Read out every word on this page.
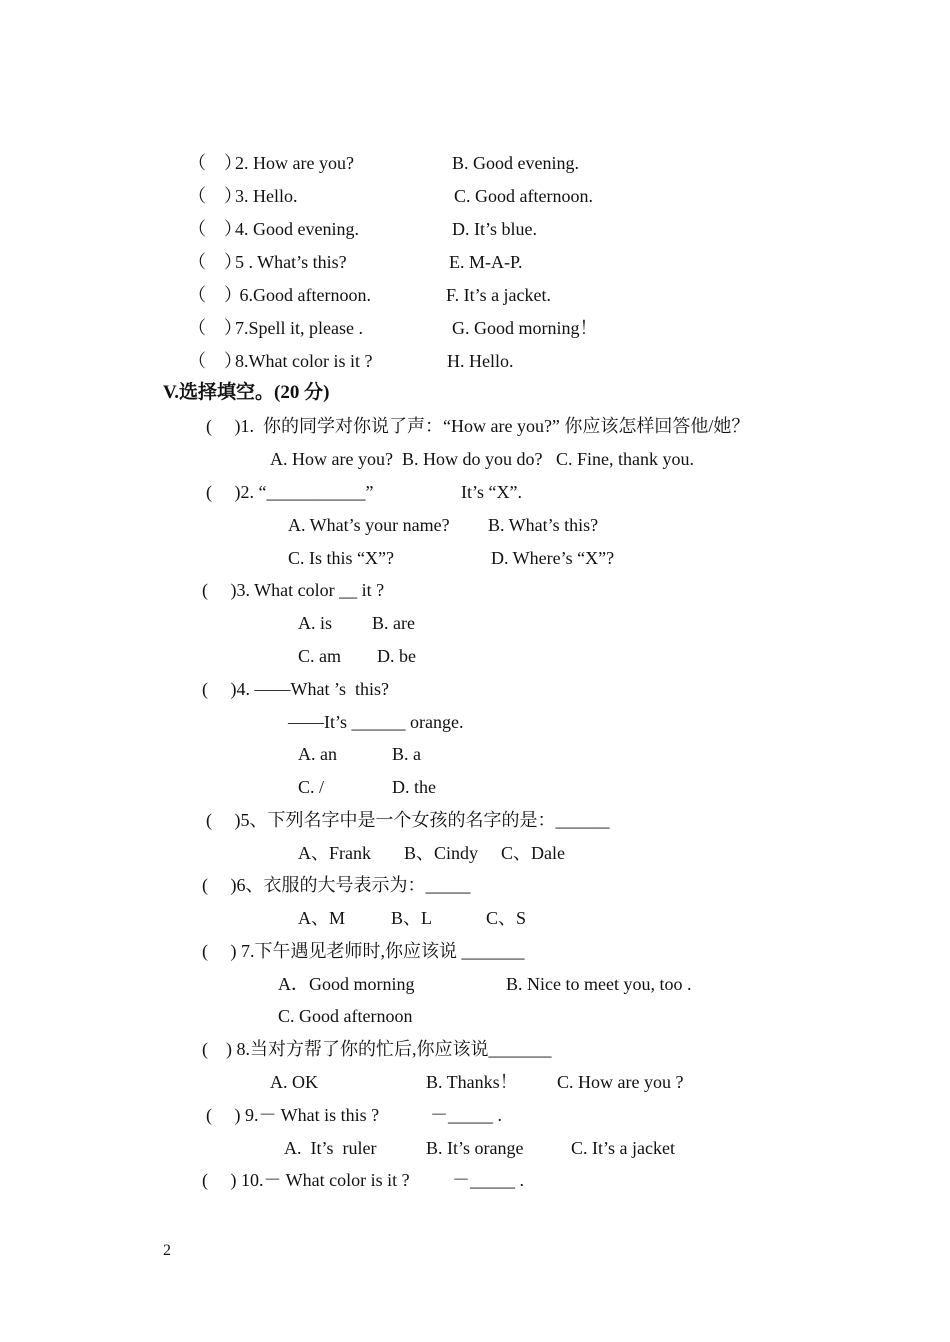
（　）
2. How are you?	B. Good evening.
（　）
3. Hello.	C. Good afternoon.
（　）
4. Good evening.	D. It’s blue.
（　）
5 . What’s this?	E. M-A-P.
（　）
6.Good afternoon.	F. It’s a jacket.
（　）
7.Spell it, please .	G. Good morning！
（　）
8.What color is it ?	H. Hello.
V.选择填空。(20 分)
(     )1.  你的同学对你说了声：“How are you?” 你应该怎样回答他/她？
A. How are you?  B. How do you do?   C. Fine, thank you.
(     )2. “___________”	It’s “X”.
A. What’s your name? B. What’s this?
C. Is this “X”?	D. Where’s “X”?
(     )3. What color __ it ?
A. is B. are
C. am D. be
(     )4. ——What ’s  this?
——It’s ______ orange.
A. an	B. a
C. /	D. the
(     )5、下列名字中是一个女孩的名字的是：______
A、Frank B、Cindy C、Dale
(     )6、衣服的大号表示为：_____
A、M	B、L	C、S
(     ) 7.下午遇见老师时,你应该说 _______
A．Good morning	B. Nice to meet you, too .
C. Good afternoon
(    ) 8.当对方帮了你的忙后,你应该说_______
A. OK	B. Thanks！ C. How are you ?
(     ) 9.－ What is this ?	－_____ .
A.  It’s  ruler	B. It’s orange	C. It’s a jacket
(     ) 10.－ What color is it ? －_____ .
2
